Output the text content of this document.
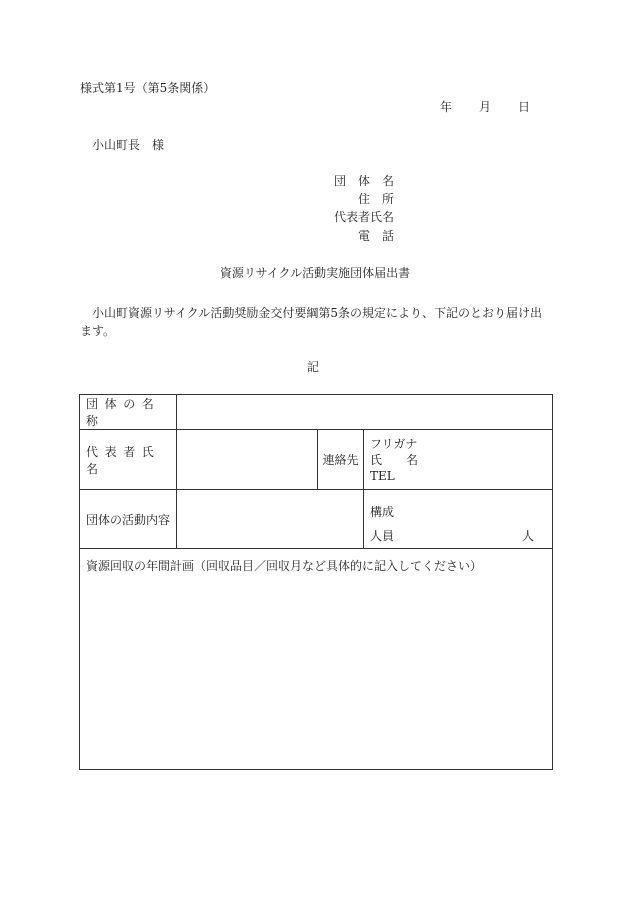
様式第1号（第5条関係）
年 月 日
小山町長　様
団　体　名
住　所
代表者氏名
電　話
資源リサイクル活動実施団体届出書
小山町資源リサイクル活動奨励金交付要綱第5条の規定により、下記のとおり届け出ます。
記
団体の名称			
代表者氏名		連絡先	フリガナ
氏　　名
TEL

団体の活動内容			構成
人員 人

資源回収の年間計画（回収品目／回収月など具体的に記入してください）			
